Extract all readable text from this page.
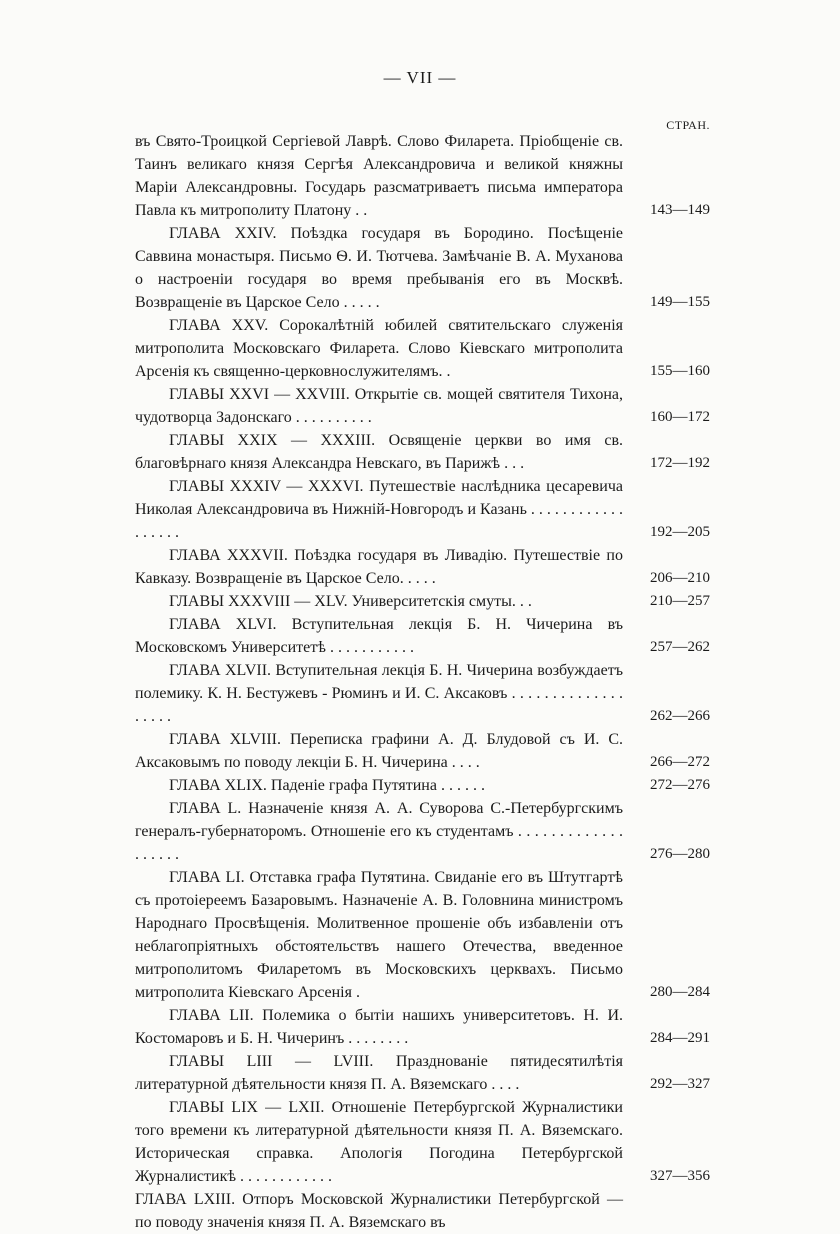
— VII —
СТРАН.
въ Свято-Троицкой Сергіевой Лаврѣ. Слово Филарета. Пріобщеніе св. Таинъ великаго князя Сергѣя Александровича и великой княжны Маріи Александровны. Государь разсматриваетъ письма императора Павла къ митрополиту Платону . .	143—149
ГЛАВА XXIV. Поѣздка государя въ Бородино. Посѣщеніе Саввина монастыря. Письмо Ѳ. И. Тютчева. Замѣчаніе В. А. Муханова о настроеніи государя во время пребыванія его въ Москвѣ. Возвращеніе въ Царское Село . . . . .	149—155
ГЛАВА XXV. Сорокалѣтній юбилей святительскаго служенія митрополита Московскаго Филарета. Слово Кіевскаго митрополита Арсенія къ священно-церковнослужителямъ. .	155—160
ГЛАВЫ XXVI — XXVIII. Открытіе св. мощей святителя Тихона, чудотворца Задонскаго . . . . . . . . . .	160—172
ГЛАВЫ XXIX — XXXIII. Освященіе церкви во имя св. благовѣрнаго князя Александра Невскаго, въ Парижѣ . . .	172—192
ГЛАВЫ XXXIV — XXXVI. Путешествіе наслѣдника цесаревича Николая Александровича въ Нижній-Новгородъ и Казань . . . . . . . . . . . . . . . . . .	192—205
ГЛАВА XXXVII. Поѣздка государя въ Ливадію. Путешествіе по Кавказу. Возвращеніе въ Царское Село. . . . .	206—210
ГЛАВЫ XXXVIII — XLV. Университетскія смуты. . .	210—257
ГЛАВА XLVI. Вступительная лекція Б. Н. Чичерина въ Московскомъ Университетѣ . . . . . . . . . . .	257—262
ГЛАВА XLVII. Вступительная лекція Б. Н. Чичерина возбуждаетъ полемику. К. Н. Бестужевъ - Рюминъ и И. С. Аксаковъ . . . . . . . . . . . . . . . . . . .	262—266
ГЛАВА XLVIII. Переписка графини А. Д. Блудовой съ И. С. Аксаковымъ по поводу лекціи Б. Н. Чичерина . . . .	266—272
ГЛАВА XLIX. Паденіе графа Путятина . . . . . .	272—276
ГЛАВА L. Назначеніе князя А. А. Суворова С.-Петербургскимъ генералъ-губернаторомъ. Отношеніе его къ студентамъ . . . . . . . . . . . . . . . . . . .	276—280
ГЛАВА LI. Отставка графа Путятина. Свиданіе его въ Штутгартѣ съ протоіереемъ Базаровымъ. Назначеніе А. В. Головнина министромъ Народнаго Просвѣщенія. Молитвенное прошеніе объ избавленіи отъ неблагопріятныхъ обстоятельствъ нашего Отечества, введенное митрополитомъ Филаретомъ въ Московскихъ церквахъ. Письмо митрополита Кіевскаго Арсенія .	280—284
ГЛАВА LII. Полемика о бытіи нашихъ университетовъ. Н. И. Костомаровъ и Б. Н. Чичеринъ . . . . . . . .	284—291
ГЛАВЫ LIII — LVIII. Празднованіе пятидесятилѣтія литературной дѣятельности князя П. А. Вяземскаго . . . .	292—327
ГЛАВЫ LIX — LXII. Отношеніе Петербургской Журналистики того времени къ литературной дѣятельности князя П. А. Вяземскаго. Историческая справка. Апологія Погодина Петербургской Журналистикѣ . . . . . . . . . . . .	327—356
ГЛАВА LXIII. Отпоръ Московской Журналистики Петербургской — по поводу значенія князя П. А. Вяземскаго въ
